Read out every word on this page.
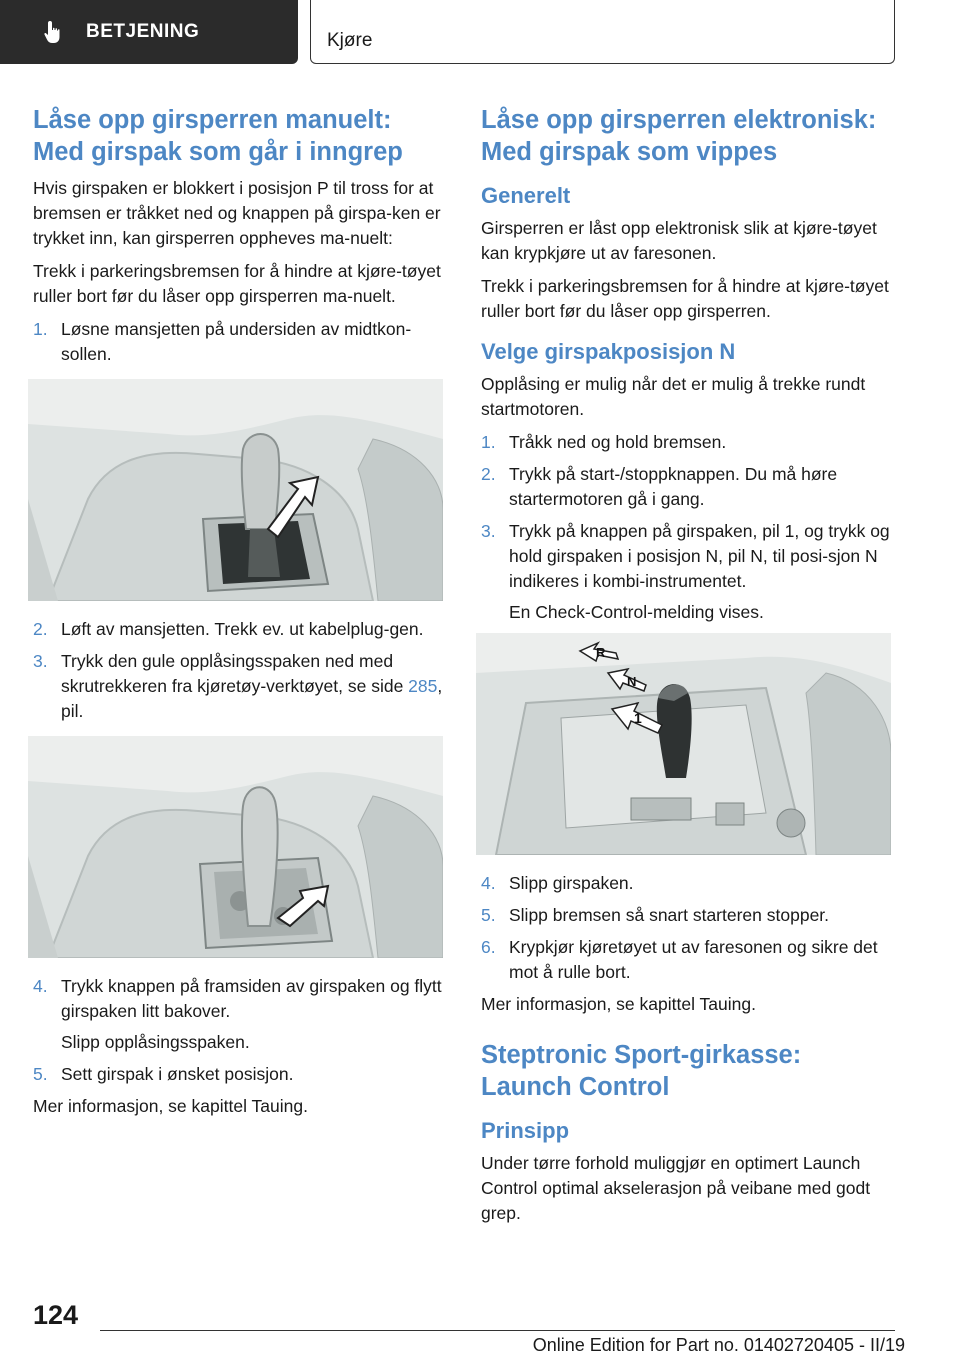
BETJENING	Kjøre
Låse opp girsperren manuelt: Med girspak som går i inngrep

Hvis girspaken er blokkert i posisjon P til tross for at bremsen er tråkket ned og knappen på girspa-ken er trykket inn, kan girsperren oppheves ma-nuelt:

Trekk i parkeringsbremsen for å hindre at kjøre-tøyet ruller bort før du låser opp girsperren ma-nuelt.

1. Løsne mansjetten på undersiden av midtkon-sollen.
2. Løft av mansjetten. Trekk ev. ut kabelplug-gen.
3. Trykk den gule opplåsingsspaken ned med skrutrekkeren fra kjøretøy-verktøyet, se side 285, pil.
4. Trykk knappen på framsiden av girspaken og flytt girspaken litt bakover.

Slipp opplåsingsspaken.

5. Sett girspak i ønsket posisjon.

Mer informasjon, se kapittel Tauing.

Låse opp girsperren elektronisk: Med girspak som vippes
Generelt

Girsperren er låst opp elektronisk slik at kjøre-tøyet kan krypkjøre ut av faresonen.

Trekk i parkeringsbremsen for å hindre at kjøre-tøyet ruller bort før du låser opp girsperren.

Velge girspakposisjon N

Opplåsing er mulig når det er mulig å trekke rundt startmotoren.

1. Tråkk ned og hold bremsen.
2. Trykk på start-/stoppknappen. Du må høre startermotoren gå i gang.
3. Trykk på knappen på girspaken, pil 1, og trykk og hold girspaken i posisjon N, pil N, til posi-sjon N indikeres i kombi-instrumentet.

En Check-Control-melding vises.

R
N
1
4. Slipp girspaken.
5. Slipp bremsen så snart starteren stopper.
6. Krypkjør kjøretøyet ut av faresonen og sikre det mot å rulle bort.

Mer informasjon, se kapittel Tauing.

Steptronic Sport-girkasse: Launch Control
Prinsipp

Under tørre forhold muliggjør en optimert Launch Control optimal akselerasjon på veibane med godt grep.

124
Online Edition for Part no. 01402720405 - II/19
